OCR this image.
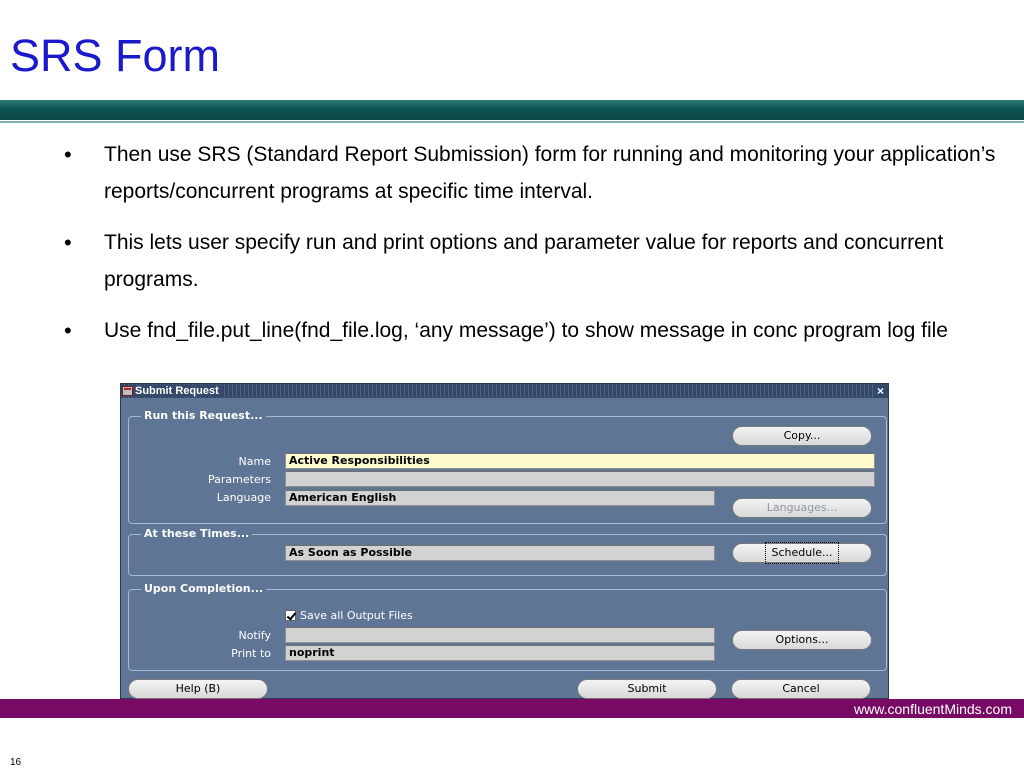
SRS Form
• Then use SRS (Standard Report Submission) form for running and monitoring your application’s reports/concurrent programs at specific time interval.
• This lets user specify run and print options and parameter value for reports and concurrent programs.
• Use fnd_file.put_line(fnd_file.log, ‘any message’) to show message in conc program log file
Submit Request	×
Run this Request...
Copy...
Name	Active Responsibilities
Parameters
Language	American English
Languages...
At these Times...
As Soon as Possible	Schedule...
Upon Completion...
Save all Output Files
Notify
Print to	noprint
Options...
Help (B)	Submit	Cancel
www.confluentMinds.com
16
